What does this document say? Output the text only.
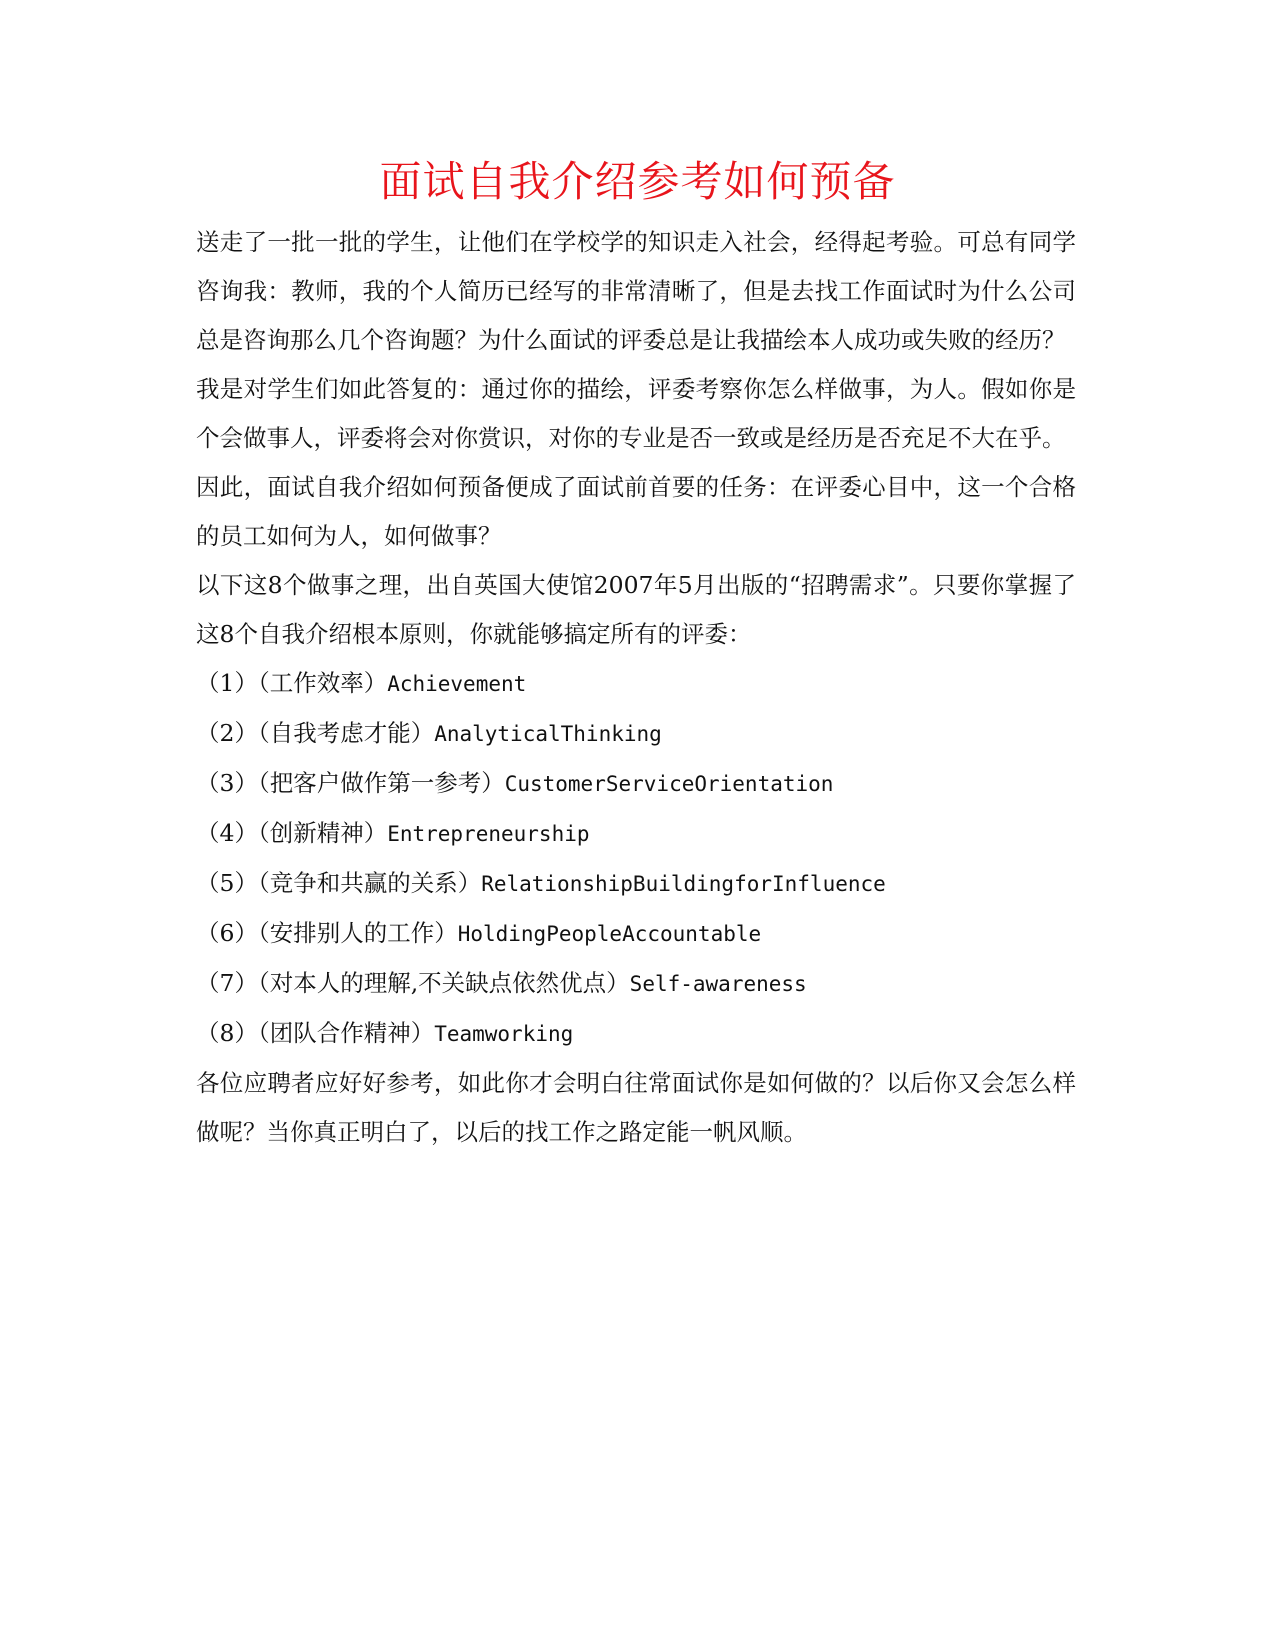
面试自我介绍参考如何预备

送走了一批一批的学生，让他们在学校学的知识走入社会，经得起考验。可总有同学咨询我：教师，我的个人简历已经写的非常清晰了，但是去找工作面试时为什么公司总是咨询那么几个咨询题？为什么面试的评委总是让我描绘本人成功或失败的经历？

我是对学生们如此答复的：通过你的描绘，评委考察你怎么样做事，为人。假如你是个会做事人，评委将会对你赏识，对你的专业是否一致或是经历是否充足不大在乎。

因此，面试自我介绍如何预备便成了面试前首要的任务：在评委心目中，这一个合格的员工如何为人，如何做事？

以下这8个做事之理，出自英国大使馆2007年5月出版的“招聘需求”。只要你掌握了这8个自我介绍根本原则，你就能够搞定所有的评委：

（1）（工作效率）Achievement

（2）（自我考虑才能）AnalyticalThinking

（3）（把客户做作第一参考）CustomerServiceOrientation

（4）（创新精神）Entrepreneurship

（5）（竞争和共赢的关系）RelationshipBuildingforInfluence

（6）（安排别人的工作）HoldingPeopleAccountable

（7）（对本人的理解,不关缺点依然优点）Self-awareness

（8）（团队合作精神）Teamworking

各位应聘者应好好参考，如此你才会明白往常面试你是如何做的？以后你又会怎么样做呢？当你真正明白了，以后的找工作之路定能一帆风顺。
